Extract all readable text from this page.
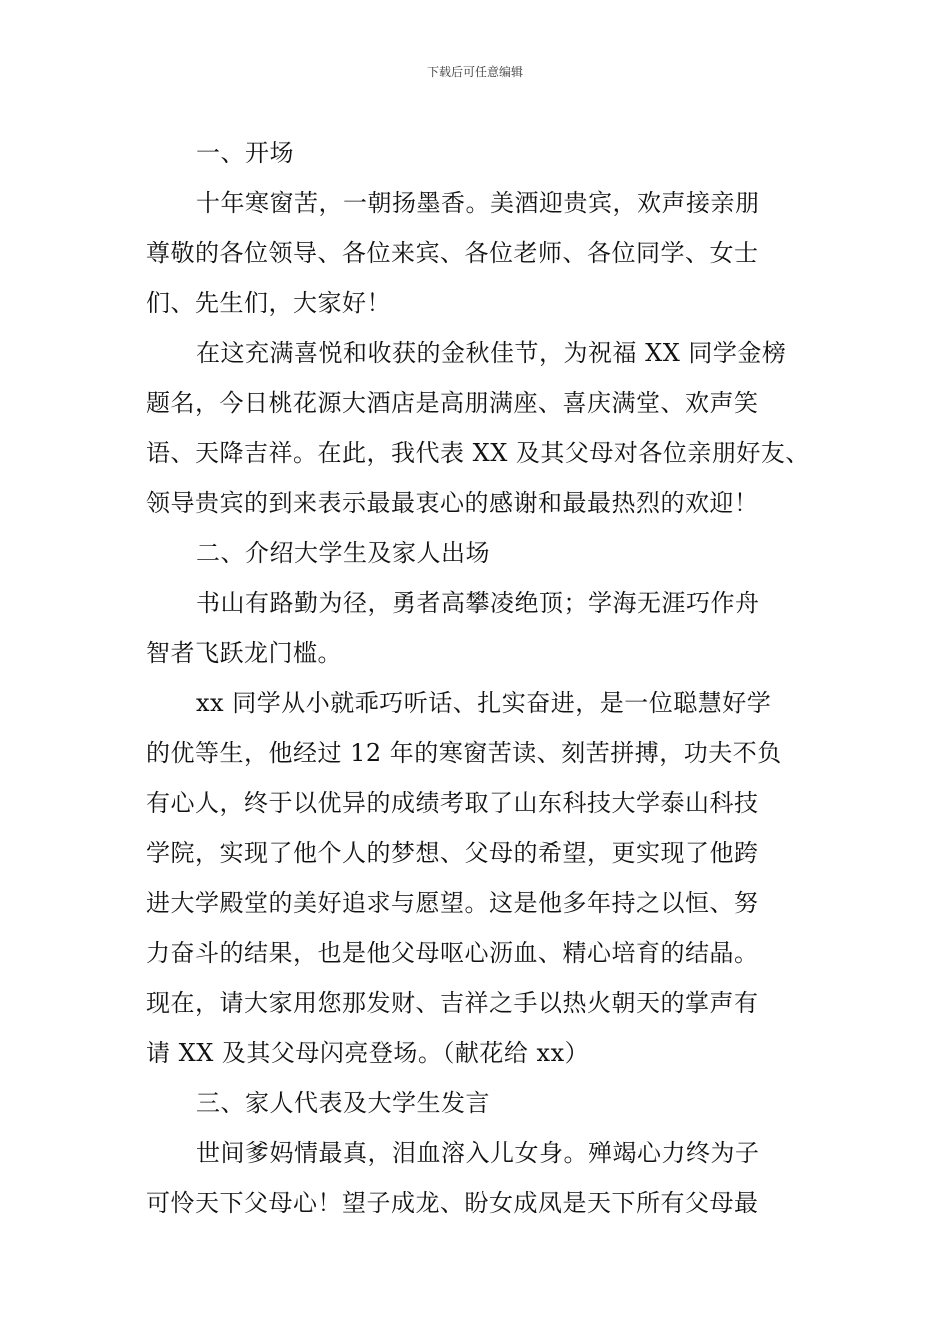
下载后可任意编辑
一、开场
十年寒窗苦，一朝扬墨香。美酒迎贵宾，欢声接亲朋
尊敬的各位领导、各位来宾、各位老师、各位同学、女士
们、先生们，大家好！
在这充满喜悦和收获的金秋佳节，为祝福 XX 同学金榜
题名，今日桃花源大酒店是高朋满座、喜庆满堂、欢声笑
语、天降吉祥。在此，我代表 XX 及其父母对各位亲朋好友、
领导贵宾的到来表示最最衷心的感谢和最最热烈的欢迎！
二、介绍大学生及家人出场
书山有路勤为径，勇者高攀凌绝顶；学海无涯巧作舟
智者飞跃龙门槛。
xx 同学从小就乖巧听话、扎实奋进，是一位聪慧好学
的优等生，他经过 12 年的寒窗苦读、刻苦拼搏，功夫不负
有心人，终于以优异的成绩考取了山东科技大学泰山科技
学院，实现了他个人的梦想、父母的希望，更实现了他跨
进大学殿堂的美好追求与愿望。这是他多年持之以恒、努
力奋斗的结果，也是他父母呕心沥血、精心培育的结晶。
现在，请大家用您那发财、吉祥之手以热火朝天的掌声有
请 XX 及其父母闪亮登场。（献花给 xx）
三、家人代表及大学生发言
世间爹妈情最真，泪血溶入儿女身。殚竭心力终为子
可怜天下父母心！望子成龙、盼女成凤是天下所有父母最
